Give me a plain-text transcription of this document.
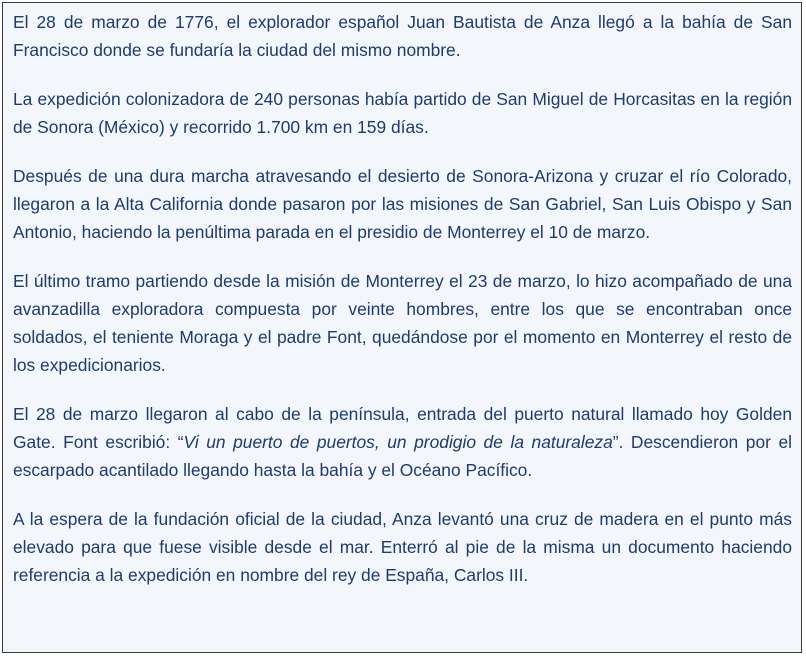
El 28 de marzo de 1776, el explorador español Juan Bautista de Anza llegó a la bahía de San Francisco donde se fundaría la ciudad del mismo nombre.

La expedición colonizadora de 240 personas había partido de San Miguel de Horcasitas en la región de Sonora (México) y recorrido 1.700 km en 159 días.

Después de una dura marcha atravesando el desierto de Sonora-Arizona y cruzar el río Colorado, llegaron a la Alta California donde pasaron por las misiones de San Gabriel, San Luis Obispo y San Antonio, haciendo la penúltima parada en el presidio de Monterrey el 10 de marzo.

El último tramo partiendo desde la misión de Monterrey el 23 de marzo, lo hizo acompañado de una avanzadilla exploradora compuesta por veinte hombres, entre los que se encontraban once soldados, el teniente Moraga y el padre Font, quedándose por el momento en Monterrey el resto de los expedicionarios.

El 28 de marzo llegaron al cabo de la península, entrada del puerto natural llamado hoy Golden Gate. Font escribió: “Vi un puerto de puertos, un prodigio de la naturaleza”. Descendieron por el escarpado acantilado llegando hasta la bahía y el Océano Pacífico.

A la espera de la fundación oficial de la ciudad, Anza levantó una cruz de madera en el punto más elevado para que fuese visible desde el mar. Enterró al pie de la misma un documento haciendo referencia a la expedición en nombre del rey de España, Carlos III.
